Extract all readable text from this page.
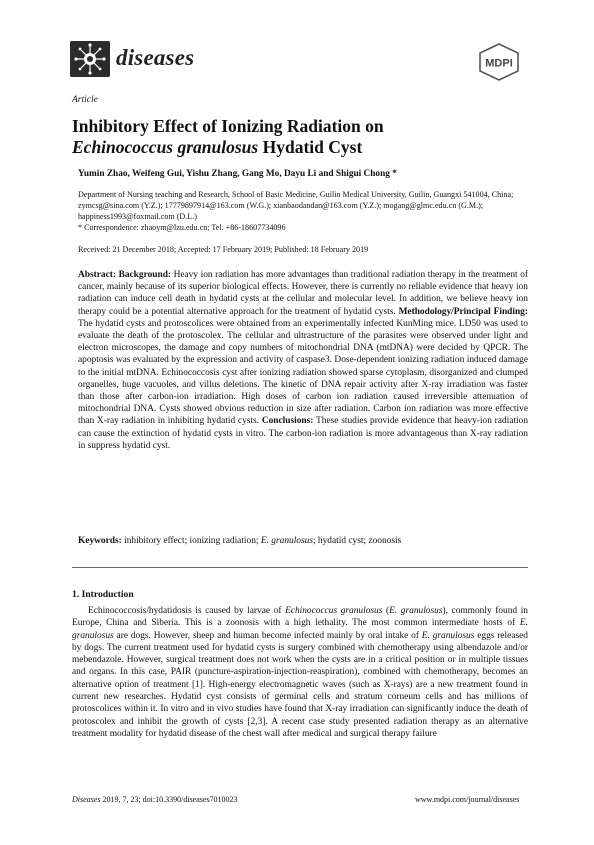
diseases	MDPI
Article
Inhibitory Effect of Ionizing Radiation on
Echinococcus granulosus Hydatid Cyst
Yumin Zhao, Weifeng Gui, Yishu Zhang, Gang Mo, Dayu Li and Shigui Chong *
Department of Nursing teaching and Research, School of Basic Medicine, Guilin Medical University, Guilin, Guangxi 541004, China; zymcsg@sina.com (Y.Z.); 1777989791​4@163.com (W.G.); xianbaodandan@163.com (Y.Z.); mogang@glmc.edu.cn (G.M.); happiness1993@foxmail.com (D.L.)
* Correspondence: zhaoym@lzu.edu.cn; Tel. +86-18607734096
Received: 21 December 2018; Accepted: 17 February 2019; Published: 18 February 2019
Abstract: Background: Heavy ion radiation has more advantages than traditional radiation therapy in the treatment of cancer, mainly because of its superior biological effects. However, there is currently no reliable evidence that heavy ion radiation can induce cell death in hydatid cysts at the cellular and molecular level. In addition, we believe heavy ion therapy could be a potential alternative approach for the treatment of hydatid cysts. Methodology/Principal Finding: The hydatid cysts and protoscolices were obtained from an experimentally infected KunMing mice. LD50 was used to evaluate the death of the protoscolex. The cellular and ultrastructure of the parasites were observed under light and electron microscopes, the damage and copy numbers of mitochondrial DNA (mtDNA) were decided by QPCR. The apoptosis was evaluated by the expression and activity of caspase3. Dose-dependent ionizing radiation induced damage to the initial mtDNA. Echinococcosis cyst after ionizing radiation showed sparse cytoplasm, disorganized and clumped organelles, huge vacuoles, and villus deletions. The kinetic of DNA repair activity after X-ray irradiation was faster than those after carbon-ion irradiation. High doses of carbon ion radiation caused irreversible attenuation of mitochondrial DNA. Cysts showed obvious reduction in size after radiation. Carbon ion radiation was more effective than X-ray radiation in inhibiting hydatid cysts. Conclusions: These studies provide evidence that heavy-ion radiation can cause the extinction of hydatid cysts in vitro. The carbon-ion radiation is more advantageous than X-ray radiation in suppress hydatid cyst.
Keywords: inhibitory effect; ionizing radiation; E. granulosus; hydatid cyst; zoonosis
1. Introduction

Echinococcosis/hydatidosis is caused by larvae of Echinococcus granulosus (E. granulosus), commonly found in Europe, China and Siberia. This is a zoonosis with a high lethality. The most common intermediate hosts of E. granulosus are dogs. However, sheep and human become infected mainly by oral intake of E. granulosus eggs released by dogs. The current treatment used for hydatid cysts is surgery combined with chemotherapy using albendazole and/or mebendazole. However, surgical treatment does not work when the cysts are in a critical position or in multiple tissues and organs. In this case, PAIR (puncture-aspiration-injection-reaspiration), combined with chemotherapy, becomes an alternative option of treatment [1]. High-energy electromagnetic waves (such as X-rays) are a new treatment found in current new researches. Hydatid cyst consists of germinal cells and stratum corneum cells and has millions of protoscolices within it. In vitro and in vivo studies have found that X-ray irradiation can significantly induce the death of protoscolex and inhibit the growth of cysts [2,3]. A recent case study presented radiation therapy as an alternative treatment modality for hydatid disease of the chest wall after medical and surgical therapy failure

Diseases 2019, 7, 23; doi:10.3390/diseases7010023	www.mdpi.com/journal/diseases
